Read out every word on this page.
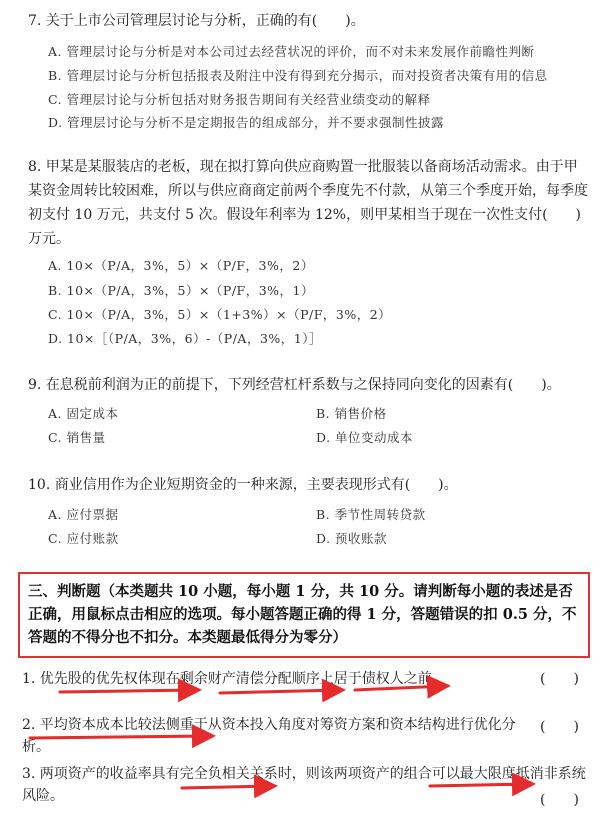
7. 关于上市公司管理层讨论与分析，正确的有(　　)。

A. 管理层讨论与分析是对本公司过去经营状况的评价，而不对未来发展作前瞻性判断
B. 管理层讨论与分析包括报表及附注中没有得到充分揭示，而对投资者决策有用的信息
C. 管理层讨论与分析包括对财务报告期间有关经营业绩变动的解释
D. 管理层讨论与分析不是定期报告的组成部分，并不要求强制性披露

8. 甲某是某服装店的老板，现在拟打算向供应商购置一批服装以备商场活动需求。由于甲某资金周转比较困难，所以与供应商商定前两个季度先不付款，从第三个季度开始，每季度初支付 10 万元，共支付 5 次。假设年利率为 12%，则甲某相当于现在一次性支付(　　)万元。

A. 10×（P/A，3%，5）×（P/F，3%，2）
B. 10×（P/A，3%，5）×（P/F，3%，1）
C. 10×（P/A，3%，5）×（1+3%）×（P/F，3%，2）
D. 10×［（P/A，3%，6）-（P/A，3%，1）］

9. 在息税前利润为正的前提下，下列经营杠杆系数与之保持同向变化的因素有(　　)。

A. 固定成本	B. 销售价格
C. 销售量	D. 单位变动成本

10. 商业信用作为企业短期资金的一种来源，主要表现形式有(　　)。

A. 应付票据	B. 季节性周转贷款
C. 应付账款	D. 预收账款
三、判断题（本类题共 10 小题，每小题 1 分，共 10 分。请判断每小题的表述是否正确，用鼠标点击相应的选项。每小题答题正确的得 1 分，答题错误的扣 0.5 分，不答题的不得分也不扣分。本类题最低得分为零分）
1. 优先股的优先权体现在剩余财产清偿分配顺序上居于债权人之前。	(　　)
2. 平均资本成本比较法侧重于从资本投入角度对筹资方案和资本结构进行优化分析。
(　　)
3. 两项资产的收益率具有完全负相关关系时，则该两项资产的组合可以最大限度抵消非系统风险。	(　　)
